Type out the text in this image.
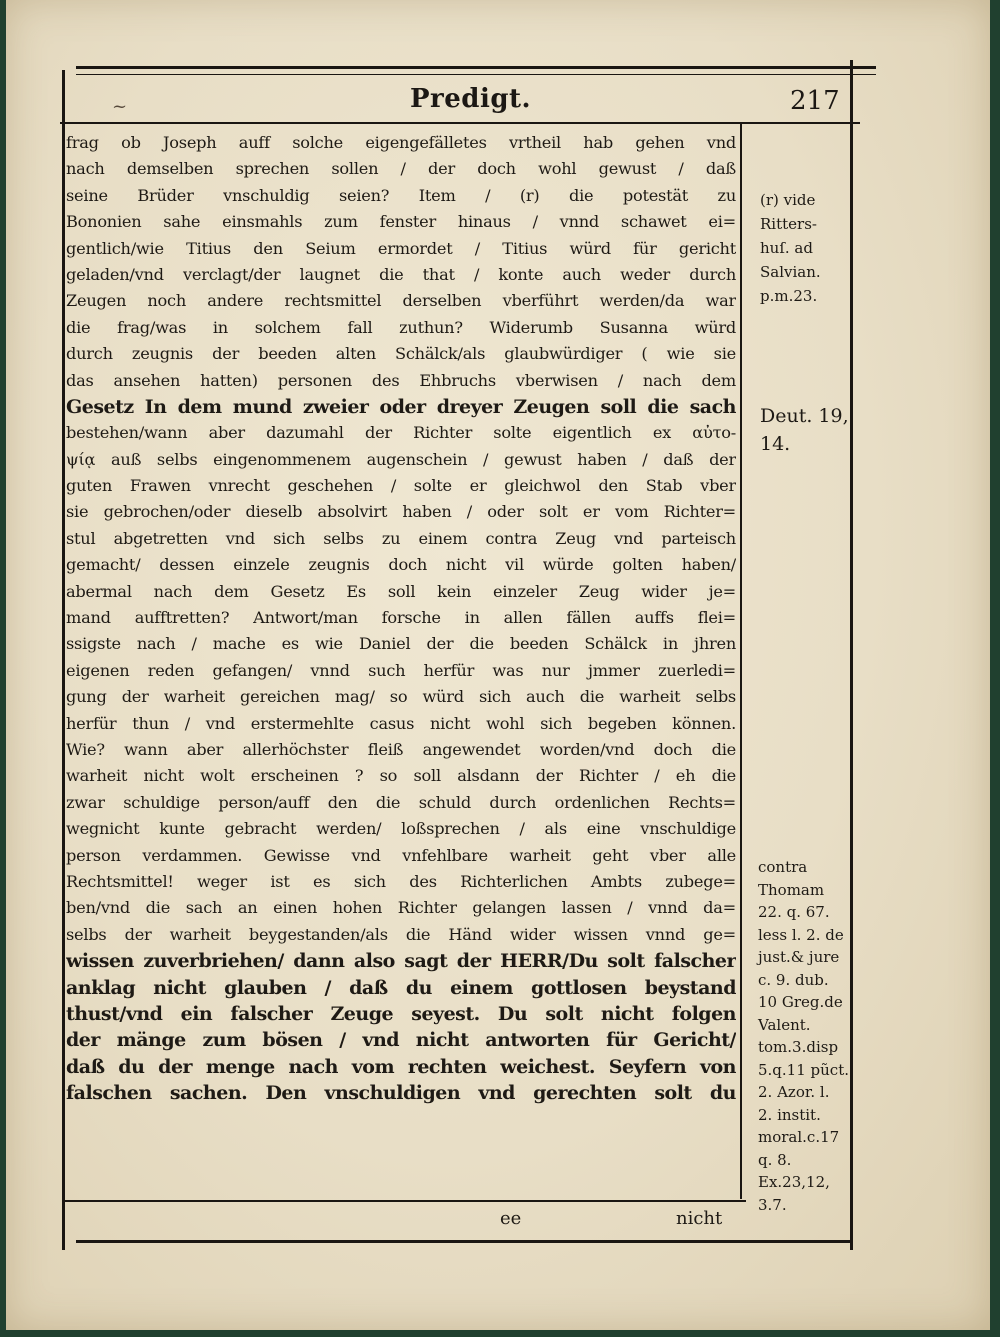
~	Predigt.	217
frag ob Joseph auff solche eigengefälletes vrtheil hab gehen vnd
nach demselben sprechen sollen / der doch wohl gewust / daß
seine Brüder vnschuldig seien? Item / (r) die potestät zu
Bononien sahe einsmahls zum fenster hinaus / vnnd schawet ei=
gentlich/wie Titius den Seium ermordet / Titius würd für gericht
geladen/vnd verclagt/der laugnet die that / konte auch weder durch
Zeugen noch andere rechtsmittel derselben vberführt werden/da war
die frag/was in solchem fall zuthun? Widerumb Susanna würd
durch zeugnis der beeden alten Schälck/als glaubwürdiger ( wie sie
das ansehen hatten) personen des Ehbruchs vberwisen / nach dem
Gesetz In dem mund zweier oder dreyer Zeugen soll die sach
bestehen/wann aber dazumahl der Richter solte eigentlich ex αὐτο-
ψίᾳ auß selbs eingenommenem augenschein / gewust haben / daß der
guten Frawen vnrecht geschehen / solte er gleichwol den Stab vber
sie gebrochen/oder dieselb absolvirt haben / oder solt er vom Richter=
stul abgetretten vnd sich selbs zu einem contra Zeug vnd parteisch
gemacht/ dessen einzele zeugnis doch nicht vil würde golten haben/
abermal nach dem Gesetz Es soll kein einzeler Zeug wider je=
mand aufftretten? Antwort/man forsche in allen fällen auffs flei=
ssigste nach / mache es wie Daniel der die beeden Schälck in jhren
eigenen reden gefangen/ vnnd such herfür was nur jmmer zuerledi=
gung der warheit gereichen mag/ so würd sich auch die warheit selbs
herfür thun / vnd erstermehlte casus nicht wohl sich begeben können.
Wie? wann aber allerhöchster fleiß angewendet worden/vnd doch die
warheit nicht wolt erscheinen ? so soll alsdann der Richter / eh die
zwar schuldige person/auff den die schuld durch ordenlichen Rechts=
wegnicht kunte gebracht werden/ loßsprechen / als eine vnschuldige
person verdammen. Gewisse vnd vnfehlbare warheit geht vber alle
Rechtsmittel! weger ist es sich des Richterlichen Ambts zubege=
ben/vnd die sach an einen hohen Richter gelangen lassen / vnnd da=
selbs der warheit beygestanden/als die Händ wider wissen vnnd ge=
wissen zuverbriehen/ dann also sagt der HERR/Du solt falscher
anklag nicht glauben / daß du einem gottlosen beystand
thust/vnd ein falscher Zeuge seyest. Du solt nicht folgen
der mänge zum bösen / vnd nicht antworten für Gericht/
daß du der menge nach vom rechten weichest. Seyfern von
falschen sachen. Den vnschuldigen vnd gerechten solt du
(r) vide
Ritters-
huſ. ad
Salvian.
p.m.23.
Deut. 19,
14.
contra
Thomam
22. q. 67.
less l. 2. de
just.& jure
c. 9. dub.
10 Greg.de
Valent.
tom.3.disp
5.q.11 pũct.
2. Azor. l.
2. instit.
moral.c.17
q. 8.
Ex.23,12,
3.7.
ee	nicht
